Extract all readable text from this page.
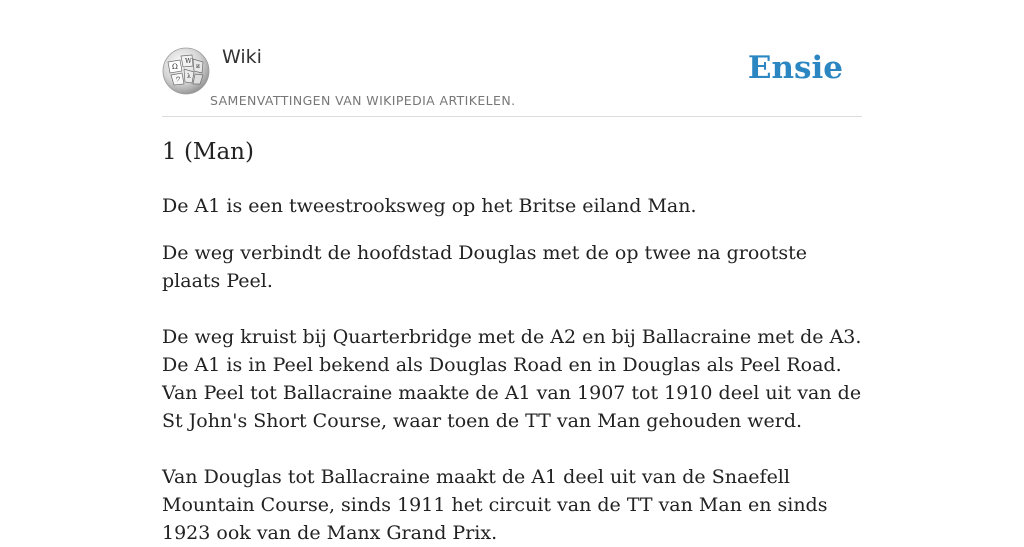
Ω
W
и
ウ λ
Wiki
SAMENVATTINGEN VAN WIKIPEDIA ARTIKELEN.
Ensie
1 (Man)

De A1 is een tweestrooksweg op het Britse eiland Man.

De weg verbindt de hoofdstad Douglas met de op twee na grootste plaats Peel.

De weg kruist bij Quarterbridge met de A2 en bij Ballacraine met de A3. De A1 is in Peel bekend als Douglas Road en in Douglas als Peel Road. Van Peel tot Ballacraine maakte de A1 van 1907 tot 1910 deel uit van de St John's Short Course, waar toen de TT van Man gehouden werd.

Van Douglas tot Ballacraine maakt de A1 deel uit van de Snaefell Mountain Course, sinds 1911 het circuit van de TT van Man en sinds 1923 ook van de Manx Grand Prix.
